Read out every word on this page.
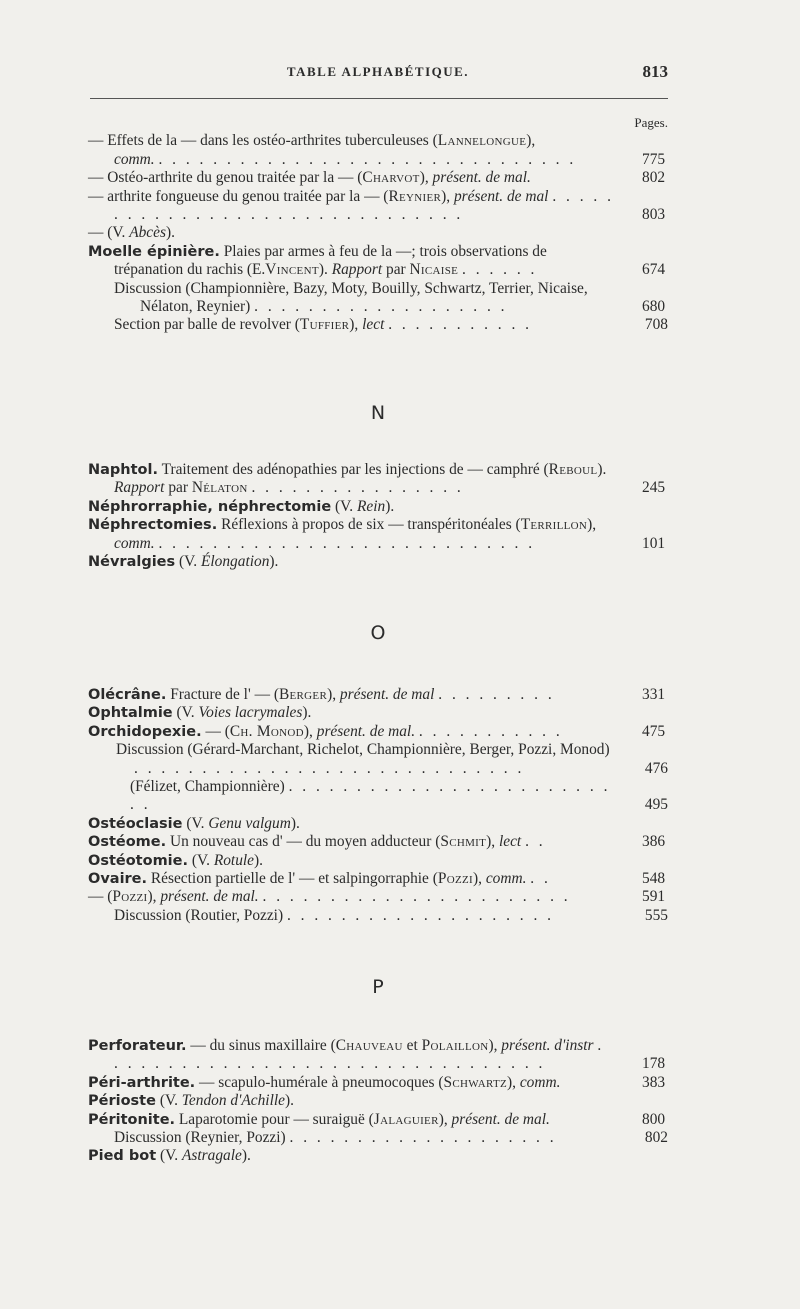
TABLE ALPHABÉTIQUE.	813
Pages.
— Effets de la — dans les ostéo-arthrites tuberculeuses (Lannelongue),
comm. . . . . . . . . . . . . . . . . . . . . . . . . . . . . . . .	775
— Ostéo-arthrite du genou traitée par la — (Charvot), présent. de mal.	802
— arthrite fongueuse du genou traitée par la — (Reynier), présent. de mal . . . . . . . . . . . . . . . . . . . . . . . . . . . . . . .	803
— (V. Abcès).
Moelle épinière. Plaies par armes à feu de la —; trois observations de trépanation du rachis (E.Vincent). Rapport par Nicaise . . . . . .	674
Discussion (Championnière, Bazy, Moty, Bouilly, Schwartz, Terrier, Nicaise, Nélaton, Reynier) . . . . . . . . . . . . . . . . . . .	680
Section par balle de revolver (Tuffier), lect . . . . . . . . . . .	708
N
Naphtol. Traitement des adénopathies par les injections de — camphré (Reboul). Rapport par Nélaton . . . . . . . . . . . . . . . .	245
Néphrorraphie, néphrectomie (V. Rein).
Néphrectomies. Réflexions à propos de six — transpéritonéales (Terrillon), comm. . . . . . . . . . . . . . . . . . . . . . . . . . . . .	101
Névralgies (V. Élongation).
O
Olécrâne. Fracture de l' — (Berger), présent. de mal . . . . . . . . .	331
Ophtalmie (V. Voies lacrymales).
Orchidopexie. — (Ch. Monod), présent. de mal. . . . . . . . . . . .	475
Discussion (Gérard-Marchant, Richelot, Championnière, Berger, Pozzi, Monod) . . . . . . . . . . . . . . . . . . . . . . . . . . . . .	476
(Félizet, Championnière) . . . . . . . . . . . . . . . . . . . . . . . . . .	495
Ostéoclasie (V. Genu valgum).
Ostéome. Un nouveau cas d' — du moyen adducteur (Schmit), lect . .	386
Ostéotomie. (V. Rotule).
Ovaire. Résection partielle de l' — et salpingorraphie (Pozzi), comm. . .	548
— (Pozzi), présent. de mal. . . . . . . . . . . . . . . . . . . . . . . .	591
Discussion (Routier, Pozzi) . . . . . . . . . . . . . . . . . . . .	555
P
Perforateur. — du sinus maxillaire (Chauveau et Polaillon), présent. d'instr . . . . . . . . . . . . . . . . . . . . . . . . . . . . . . . . .	178
Péri-arthrite. — scapulo-humérale à pneumocoques (Schwartz), comm.	383
Périoste (V. Tendon d'Achille).
Péritonite. Laparotomie pour — suraiguë (Jalaguier), présent. de mal.	800
Discussion (Reynier, Pozzi) . . . . . . . . . . . . . . . . . . . .	802
Pied bot (V. Astragale).
